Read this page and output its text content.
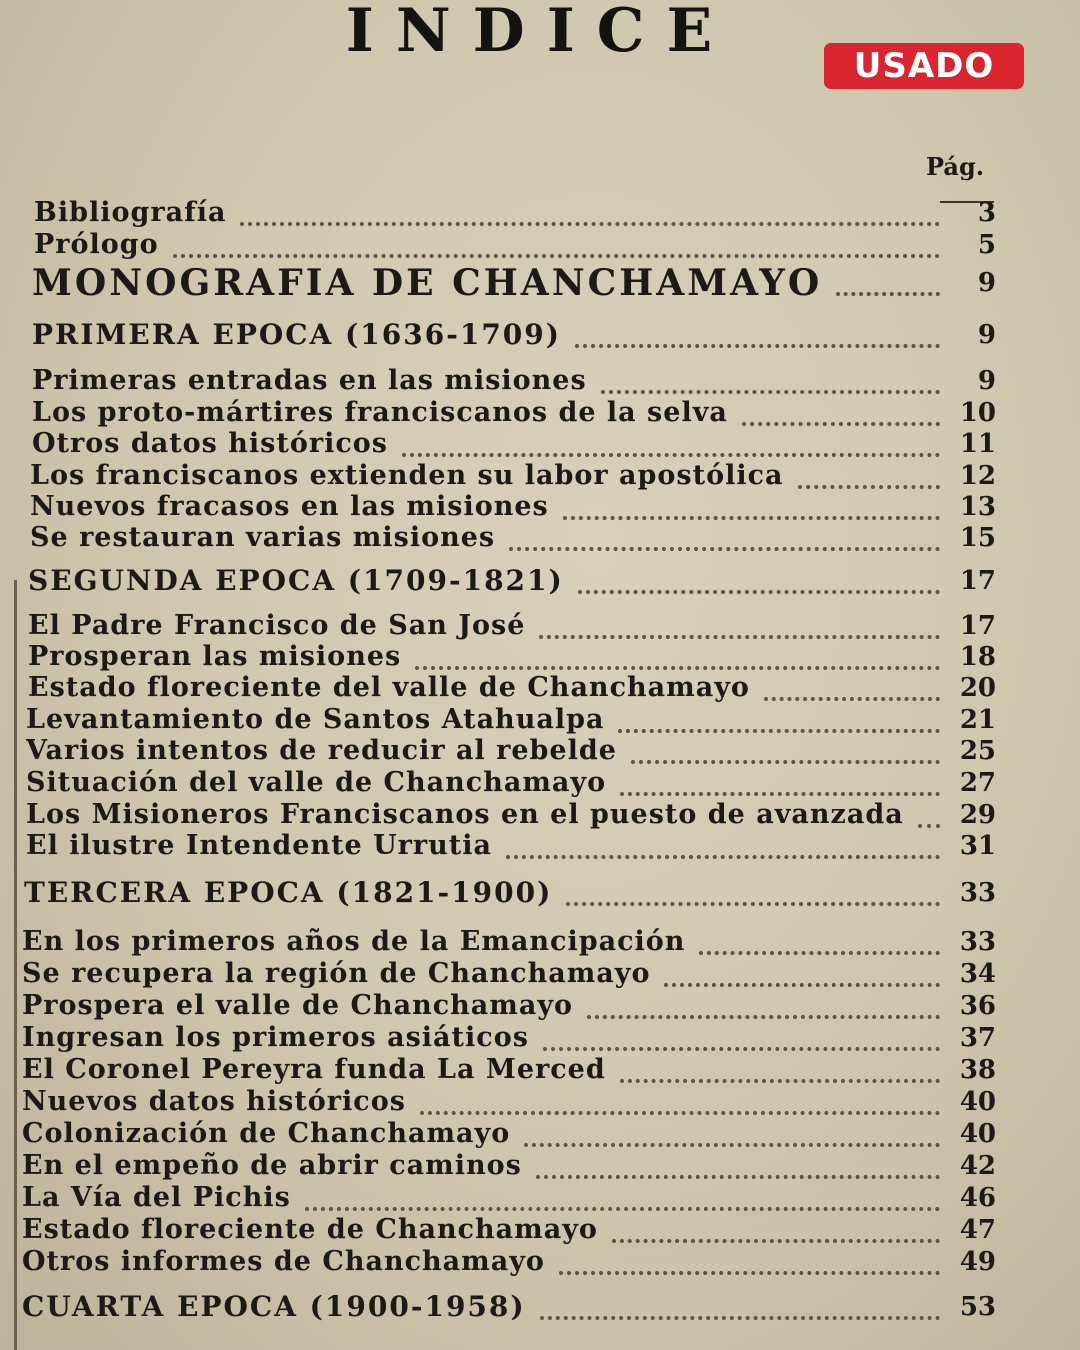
INDICE	USADO
Pág.
Bibliografía	3
Prólogo	5
MONOGRAFIA DE CHANCHAMAYO	9
PRIMERA EPOCA (1636-1709)	9
Primeras entradas en las misiones	9
Los proto-mártires franciscanos de la selva	10
Otros datos históricos	11
Los franciscanos extienden su labor apostólica	12
Nuevos fracasos en las misiones	13
Se restauran varias misiones	15
SEGUNDA EPOCA (1709-1821)	17
El Padre Francisco de San José	17
Prosperan las misiones	18
Estado floreciente del valle de Chanchamayo	20
Levantamiento de Santos Atahualpa	21
Varios intentos de reducir al rebelde	25
Situación del valle de Chanchamayo	27
Los Misioneros Franciscanos en el puesto de avanzada	29
El ilustre Intendente Urrutia	31
TERCERA EPOCA (1821-1900)	33
En los primeros años de la Emancipación	33
Se recupera la región de Chanchamayo	34
Prospera el valle de Chanchamayo	36
Ingresan los primeros asiáticos	37
El Coronel Pereyra funda La Merced	38
Nuevos datos históricos	40
Colonización de Chanchamayo	40
En el empeño de abrir caminos	42
La Vía del Pichis	46
Estado floreciente de Chanchamayo	47
Otros informes de Chanchamayo	49
CUARTA EPOCA (1900-1958)	53
